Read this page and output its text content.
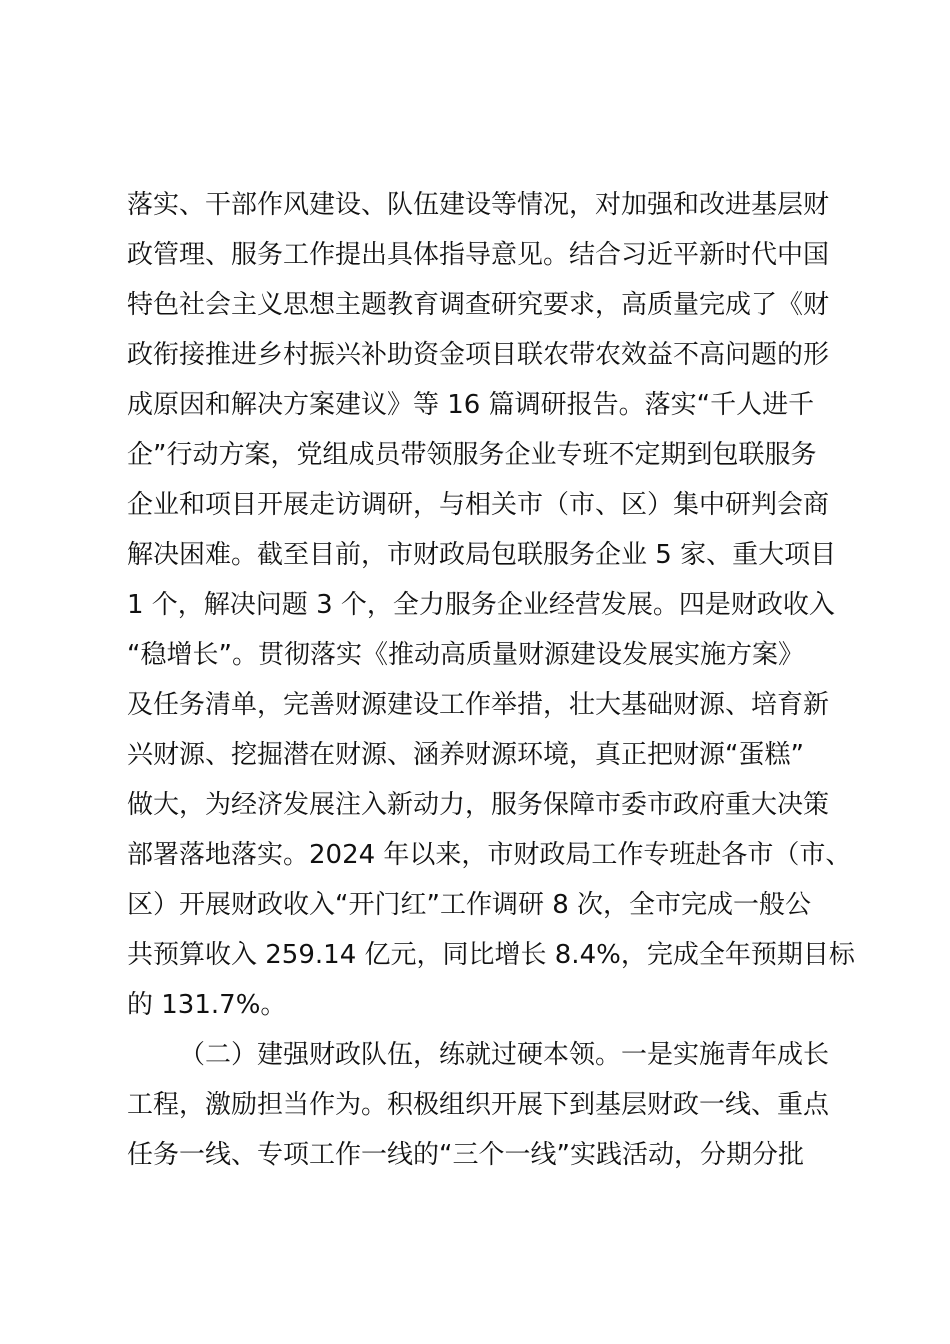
落实、干部作风建设、队伍建设等情况，对加强和改进基层财
政管理、服务工作提出具体指导意见。结合习近平新时代中国
特色社会主义思想主题教育调查研究要求，高质量完成了《财
政衔接推进乡村振兴补助资金项目联农带农效益不高问题的形
成原因和解决方案建议》等 16 篇调研报告。落实“千人进千
企”行动方案，党组成员带领服务企业专班不定期到包联服务
企业和项目开展走访调研，与相关市（市、区）集中研判会商
解决困难。截至目前，市财政局包联服务企业 5 家、重大项目
1 个，解决问题 3 个，全力服务企业经营发展。四是财政收入
“稳增长”。贯彻落实《推动高质量财源建设发展实施方案》
及任务清单，完善财源建设工作举措，壮大基础财源、培育新
兴财源、挖掘潜在财源、涵养财源环境，真正把财源“蛋糕”
做大，为经济发展注入新动力，服务保障市委市政府重大决策
部署落地落实。2024 年以来，市财政局工作专班赴各市（市、
区）开展财政收入“开门红”工作调研 8 次，全市完成一般公
共预算收入 259.14 亿元，同比增长 8.4%，完成全年预期目标
的 131.7%。
（二）建强财政队伍，练就过硬本领。一是实施青年成长
工程，激励担当作为。积极组织开展下到基层财政一线、重点
任务一线、专项工作一线的“三个一线”实践活动，分期分批
